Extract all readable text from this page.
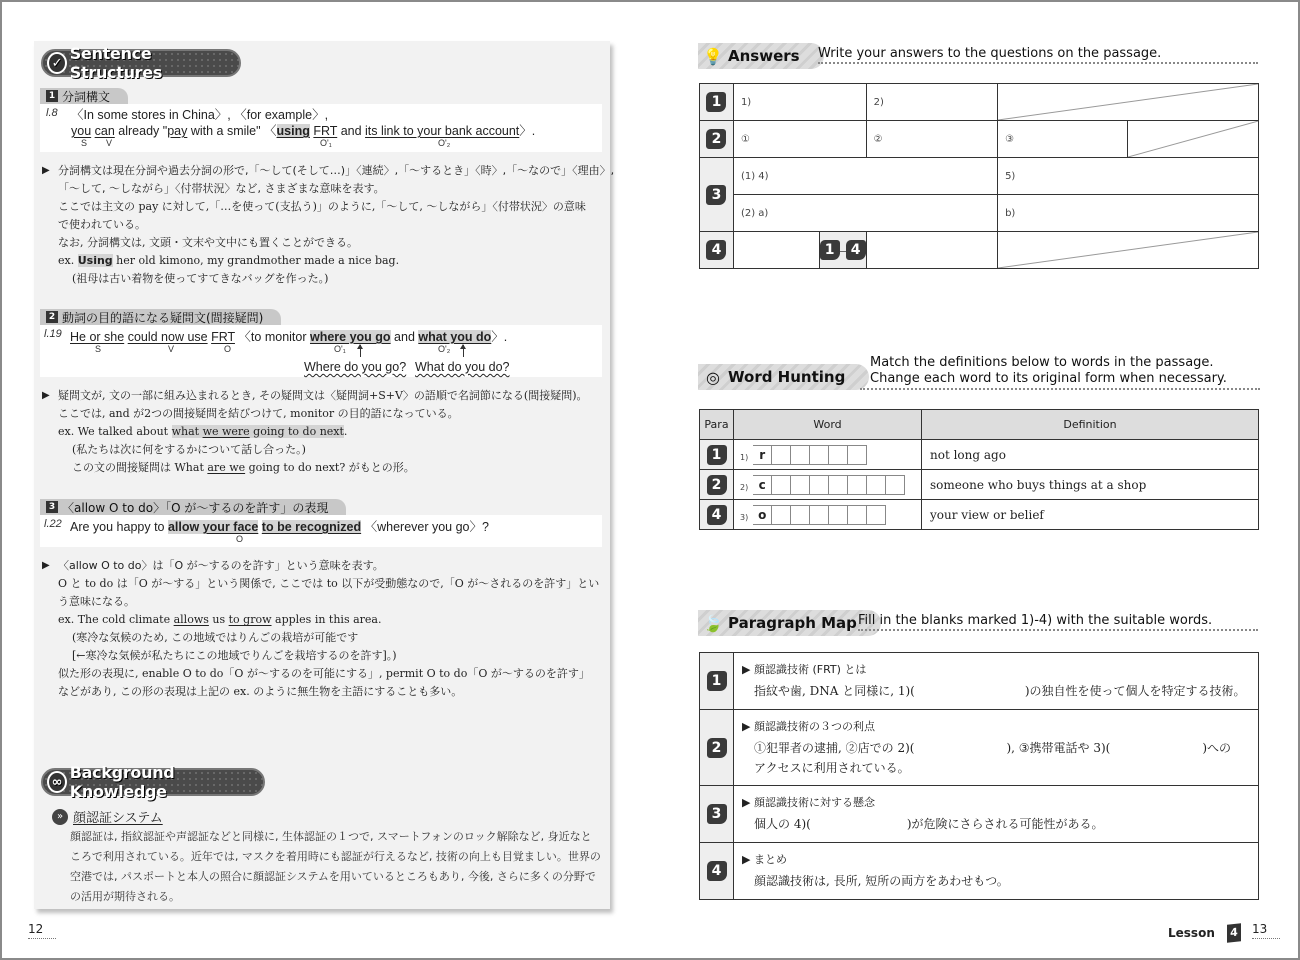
✓ Sentence Structures
1 分詞構文
l.8 〈In some stores in China〉, 〈for example〉,
you can already "pay with a smile" 〈using FRT and its link to your bank account〉.
S V	O'₁	O'₂
▶ 分詞構文は現在分詞や過去分詞の形で,「〜して(そして…)」〈連続〉,「〜するとき」〈時〉,「〜なので」〈理由〉,

「〜して, 〜しながら」〈付帯状況〉など, さまざまな意味を表す。

ここでは主文の pay に対して,「…を使って(支払う)」のように,「〜して, 〜しながら」〈付帯状況〉の意味

で使われている。

なお, 分詞構文は, 文頭・文末や文中にも置くことができる。

ex. Using her old kimono, my grandmother made a nice bag.

(祖母は古い着物を使ってすてきなバッグを作った。)

2 動詞の目的語になる疑問文(間接疑問)
l.19 He or she could now use FRT 〈to monitor where you go and what you do〉.
S	V	O	O'₁	O'₂
Where do you go? What do you do?
▶ 疑問文が, 文の一部に組み込まれるとき, その疑問文は〈疑問詞+S+V〉の語順で名詞節になる(間接疑問)。

ここでは, and が2つの間接疑問を結びつけて, monitor の目的語になっている。

ex. We talked about what we were going to do next.

(私たちは次に何をするかについて話し合った。)

この文の間接疑問は What are we going to do next? がもとの形。

3 〈allow O to do〉「O が〜するのを許す」の表現
l.22 Are you happy to allow your face to be recognized 〈wherever you go〉?
O
▶ 〈allow O to do〉は「O が〜するのを許す」という意味を表す。

O と to do は「O が〜する」という関係で, ここでは to 以下が受動態なので,「O が〜されるのを許す」とい

う意味になる。

ex. The cold climate allows us to grow apples in this area.

(寒冷な気候のため, この地域ではりんごの栽培が可能です

[←寒冷な気候が私たちにこの地域でりんごを栽培するのを許す]。)

似た形の表現に, enable O to do「O が〜するのを可能にする」, permit O to do「O が〜するのを許す」

などがあり, この形の表現は上記の ex. のように無生物を主語にすることも多い。

∞ Background Knowledge
» 顔認証システム
顔認証は, 指紋認証や声認証などと同様に, 生体認証の１つで, スマートフォンのロック解除など, 身近なと
ころで利用されている。近年では, マスクを着用時にも認証が行えるなど, 技術の向上も目覚ましい。世界の
空港では, パスポートと本人の照合に顔認証システムを用いているところもあり, 今後, さらに多くの分野で
の活用が期待される。
12
💡 Answers Write your answers to the questions on the passage.
1	1)		2)	

2	①		②	③	

3	(1) 4)			5)	
	(2) a)			b)	
4		1 4		
◎ Word Hunting
Match the definitions below to words in the passage.
Change each word to its original form when necessary.
Para	Word	Definition
1	1) r	not long ago
2	2) c	someone who buys things at a shop
4	3) o	your view or belief
🍃 Paragraph Map Fill in the blanks marked 1)-4) with the suitable words.
1	▶ 顔認識技術 (FRT) とは
指紋や歯, DNA と同様に, 1)( )の独自性を使って個人を特定する技術。

2	▶ 顔認識技術の３つの利点
①犯罪者の逮捕, ②店での 2)( ), ③携帯電話や 3)( )への
アクセスに利用されている。

3	▶ 顔認識技術に対する懸念
個人の 4)( )が危険にさらされる可能性がある。

4	▶ まとめ
顔認識技術は, 長所, 短所の両方をあわせもつ。
Lesson 4 13
